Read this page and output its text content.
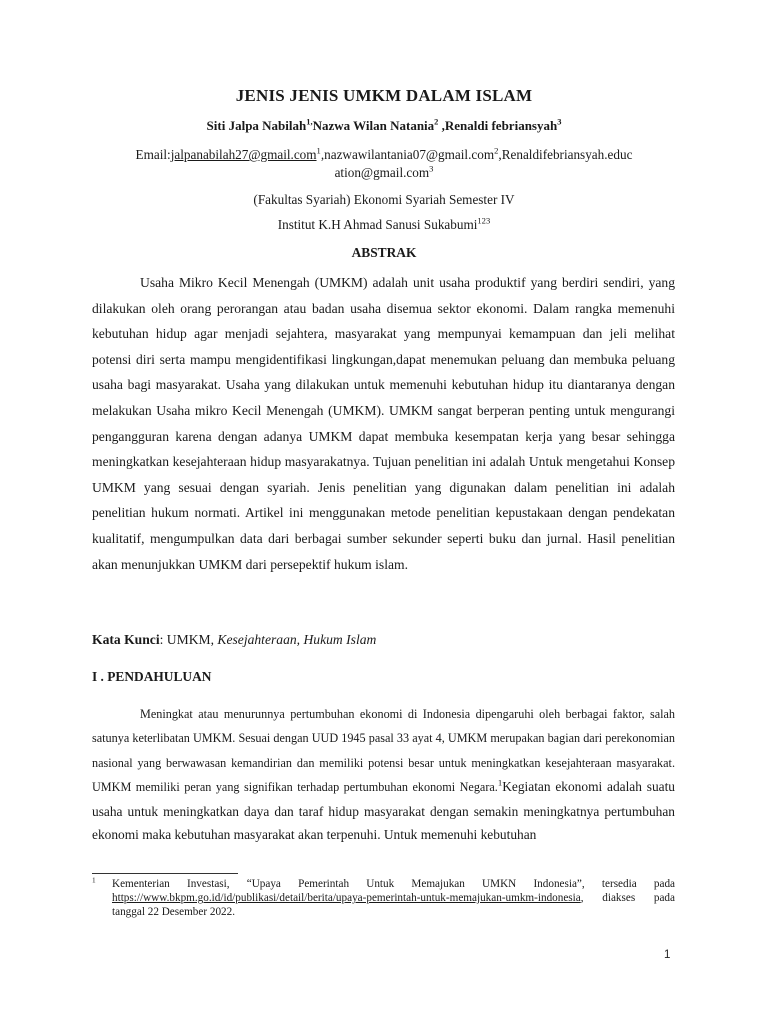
JENIS JENIS UMKM DALAM ISLAM
Siti Jalpa Nabilah$^{1,}$Nazwa Wilan Natania$^2$ ,Renaldi febriansyah$^3$
Email:jalpanabilah27@gmail.com$^1$,nazwawilantania07@gmail.com$^2$,Renaldifebriansyah.educ
ation@gmail.com$^3$
(Fakultas Syariah) Ekonomi Syariah Semester IV
Institut K.H Ahmad Sanusi Sukabumi$^{123}$
ABSTRAK

Usaha Mikro Kecil Menengah (UMKM) adalah unit usaha produktif yang berdiri sendiri, yang dilakukan oleh orang perorangan atau badan usaha disemua sektor ekonomi. Dalam rangka memenuhi kebutuhan hidup agar menjadi sejahtera, masyarakat yang mempunyai kemampuan dan jeli melihat potensi diri serta mampu mengidentifikasi lingkungan,dapat menemukan peluang dan membuka peluang usaha bagi masyarakat. Usaha yang dilakukan untuk memenuhi kebutuhan hidup itu diantaranya dengan melakukan Usaha mikro Kecil Menengah (UMKM). UMKM sangat berperan penting untuk mengurangi pengangguran karena dengan adanya UMKM dapat membuka kesempatan kerja yang besar sehingga meningkatkan kesejahteraan hidup masyarakatnya. Tujuan penelitian ini adalah Untuk mengetahui Konsep UMKM yang sesuai dengan syariah. Jenis penelitian yang digunakan dalam penelitian ini adalah penelitian hukum normati. Artikel ini menggunakan metode penelitian kepustakaan dengan pendekatan kualitatif, mengumpulkan data dari berbagai sumber sekunder seperti buku dan jurnal. Hasil penelitian akan menunjukkan UMKM dari persepektif hukum islam.

Kata Kunci: UMKM, Kesejahteraan, Hukum Islam
I . PENDAHULUAN

Meningkat atau menurunnya pertumbuhan ekonomi di Indonesia dipengaruhi oleh berbagai faktor, salah satunya keterlibatan UMKM. Sesuai dengan UUD 1945 pasal 33 ayat 4, UMKM merupakan bagian dari perekonomian nasional yang berwawasan kemandirian dan memiliki potensi besar untuk meningkatkan kesejahteraan masyarakat. UMKM memiliki peran yang signifikan terhadap pertumbuhan ekonomi Negara.$^1$Kegiatan ekonomi adalah suatu usaha untuk meningkatkan daya dan taraf hidup masyarakat dengan semakin meningkatnya pertumbuhan ekonomi maka kebutuhan masyarakat akan terpenuhi. Untuk memenuhi kebutuhan

$^1$ Kementerian Investasi, “Upaya Pemerintah Untuk Memajukan UMKN Indonesia”, tersedia pada https://www.bkpm.go.id/id/publikasi/detail/berita/upaya-pemerintah-untuk-memajukan-umkm-indonesia, diakses pada tanggal 22 Desember 2022.
1
